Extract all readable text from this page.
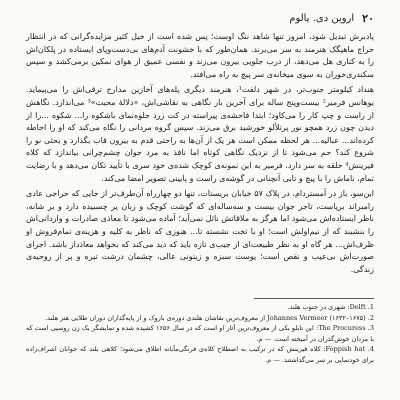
۲۰
اروین دی. یالوم

پادبرش تبدیل شود، امروز تنها شاهد ننگ اوست؛ پس شده است از خیل کثیر مزایده‌گرانی که در انتظار حراج ماهیگک هنرمند به سر می‌برند. همان‌طور که با خشونت آدم‌های بی‌دست‌وپای ایستاده در پلکان‌اش را به کناری هل می‌دهد، از درب جلویی بیرون می‌زند و نفسی عمیق از هوای نمکین برمی‌کشد و سپس سکندری‌خوران به سوی میخانه‌ی سر پیچ به راه می‌افتد.

هنداد کیلومتر جنوب‌تر، در شهر دلفت¹، هنرمند دیگری پله‌های آخازین مدارج ترقی‌اش را می‌پیماید. یوهانس فرمیر² بیست‌وپنج ساله برای آخرین بار نگاهی به نقاشی‌اش، «دلالهٔ محبت»³ می‌اندازد. نگاهش از راست و چپ کار را می‌کاود؛ ابتدا فاحشه‌ی پیراسته در کت زرد جلوه‌نمای باشکوه را... شکوه ...را از دیدن چون زرد همچو نور پرتلألو خورشید برق می‌زند. سپس گروه مردانی را نگاه می‌کند که او را احاطه کرده‌اند... عبالیه... هر لحظه ممکن است هر یک از آن‌ها به راحتی قدم به بیرون قاب بگذارد و بحثی نو را شروع کند؟ حم می‌شود تا از نزدیک نگاهی کوتاه اما نافذ به مرد جوان چشم‌چرانی بیاندازد که کلاه فیرینش⁴ حلقه به سر دارد. فرمیر به این نمونه‌ی کوچک شده‌ی خود سری با تأیید تکان می‌دهد و با رضایت تمام، ناماش را با پیچ و تابی آنچنانی در گوشه‌ی راست و پایینی تصویر امضا می‌کند.

این‌سو، باز در آمستردام، در پلاک ۵۷ خیابان بریستات، تنها دو چهارراه آن‌طرف‌تر از جایی که حراجی عادی رامبراند برپاست، تاجر جوان بیست و سه‌ساله‌ای که گوشت کوچک و زبان پر چسبیده دارد و بر شانه، ناظر ایستاده‌اش می‌شود اما هرگز به ملاقاتش نائل نمی‌آید؛ آماده می‌شود تا معاذی صادرات و وارداتی‌اش را بنشیند که از نیم‌اولش است؛ او با تخت نشسته تا... هنوزی که ناظر به کلیه و هزینه‌ی تمام‌فروش او ظرف‌اش... هر گاه او به نظر طبیعت‌ای از جیب‌ی تازه باید که دید می‌کند که بخواهد معاذ‌داز باشد. اجرای صورت‌اش بی‌عیب و نقص است؛ پوست سبزه و زیتونی عالی، چشمان درشت تیره و پر از روحیه‌ی زندگی.

1. Delft: شهری در جنوب هلند.

2. Johannes Vermeer (۱۶۳۲–۱۶۷۵) از معروف‌ترین نقاشان هلندی دوره‌ی باروک و از پایه‌گذاران دوران طلایی هنر هلند.

3. The Procuress: این تابلو یکی از معروف‌ترین آثار او است که در سال ۱۶۵۶ کشیده شده و نمایشگر یک زن روسپی است که با مردان خوش‌گذران در آمیخته است. — م.

4. Foppish hat: کلاه فیرینش که در ترکیب به اصطلاح کلاه‌ی فرنگی‌مآبانه اطلاق می‌شود؛ کلاهی بلند که جوانان اشراف‌زاده برای خودنمایی بر سر می‌گذاشتند. — م.
